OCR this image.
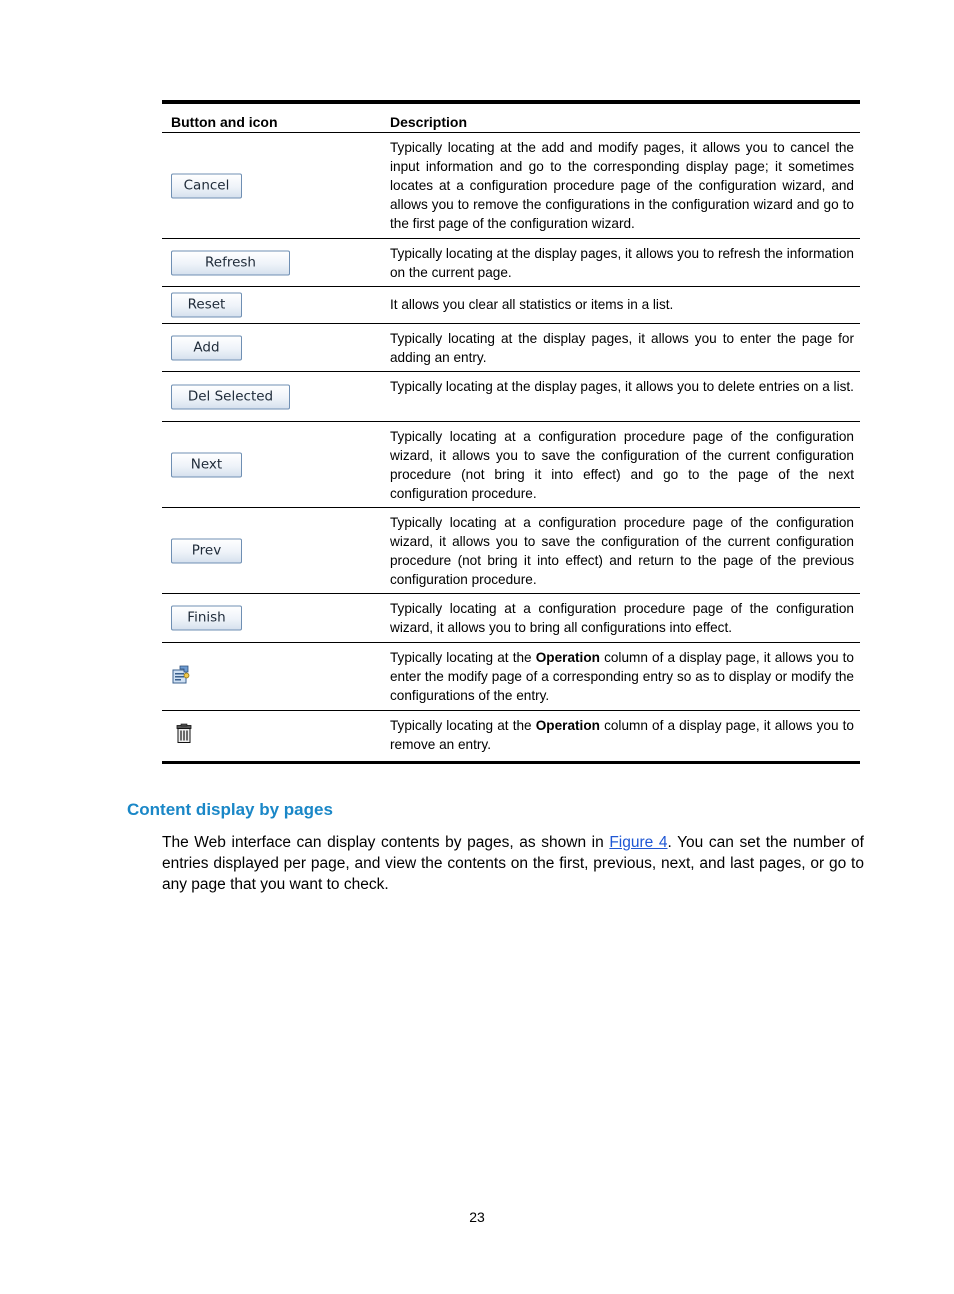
Button and icon	Description
Cancel
Typically locating at the add and modify pages, it allows you to cancel the input information and go to the corresponding display page; it sometimes locates at a configuration procedure page of the configuration wizard, and allows you to remove the configurations in the configuration wizard and go to the first page of the configuration wizard.
Refresh
Typically locating at the display pages, it allows you to refresh the information on the current page.
Reset	It allows you clear all statistics or items in a list.
Add
Typically locating at the display pages, it allows you to enter the page for adding an entry.
Del Selected
Typically locating at the display pages, it allows you to delete entries on a list.
Next
Typically locating at a configuration procedure page of the configuration wizard, it allows you to save the configuration of the current configuration procedure (not bring it into effect) and go to the page of the next configuration procedure.
Prev
Typically locating at a configuration procedure page of the configuration wizard, it allows you to save the configuration of the current configuration procedure (not bring it into effect) and return to the page of the previous configuration procedure.
Finish
Typically locating at a configuration procedure page of the configuration wizard, it allows you to bring all configurations into effect.
Typically locating at the Operation column of a display page, it allows you to enter the modify page of a corresponding entry so as to display or modify the configurations of the entry.
Typically locating at the Operation column of a display page, it allows you to remove an entry.
Content display by pages

The Web interface can display contents by pages, as shown in Figure 4. You can set the number of entries displayed per page, and view the contents on the first, previous, next, and last pages, or go to any page that you want to check.

23
